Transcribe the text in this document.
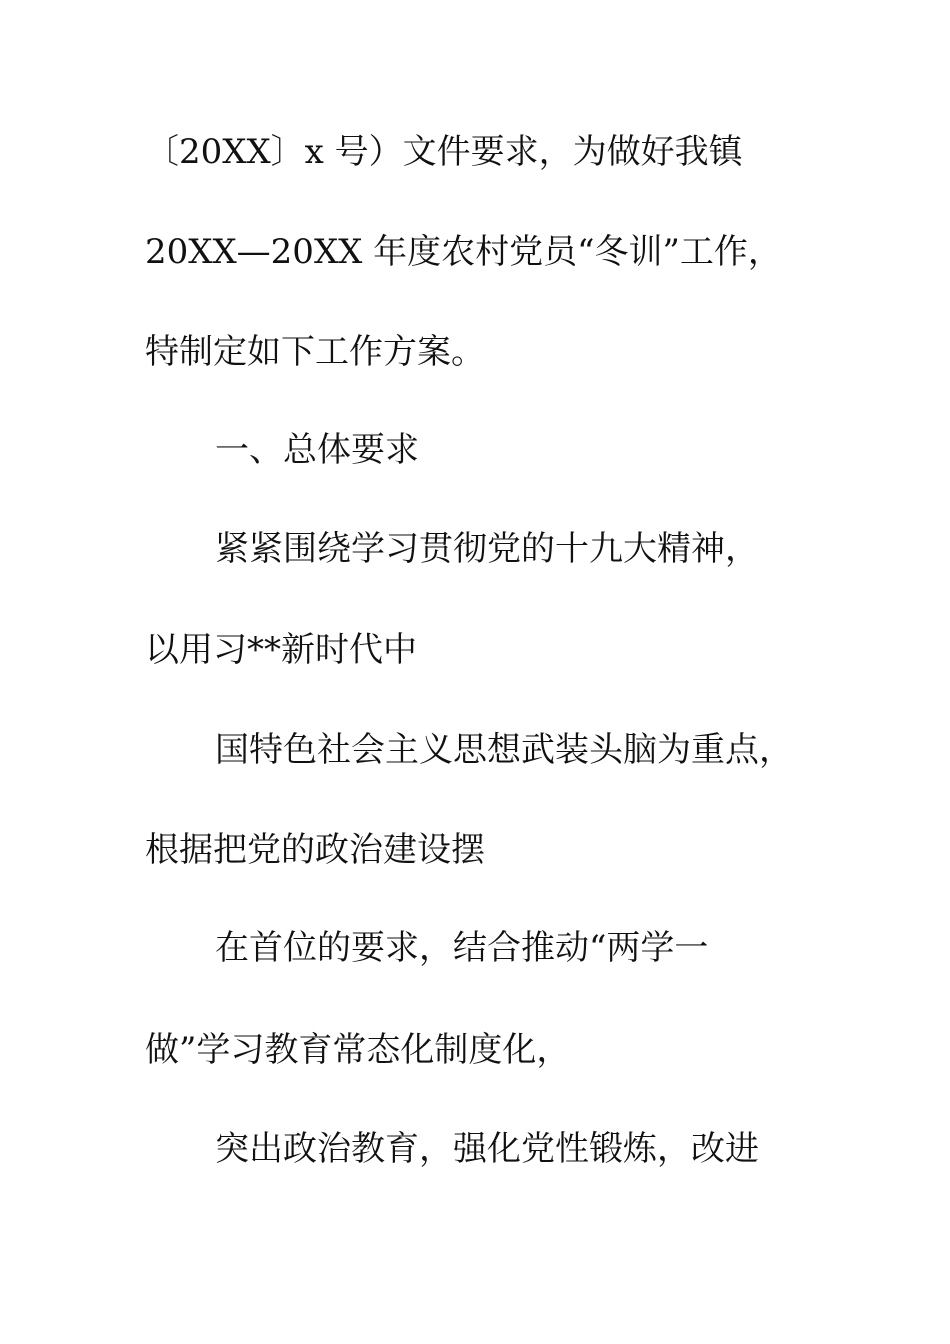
〔20XX〕x 号）文件要求，为做好我镇
20XX—20XX 年度农村党员“冬训”工作，
特制定如下工作方案。
一、总体要求
紧紧围绕学习贯彻党的十九大精神，
以用习**新时代中
国特色社会主义思想武装头脑为重点，
根据把党的政治建设摆
在首位的要求，结合推动“两学一
做”学习教育常态化制度化，
突出政治教育，强化党性锻炼，改进
